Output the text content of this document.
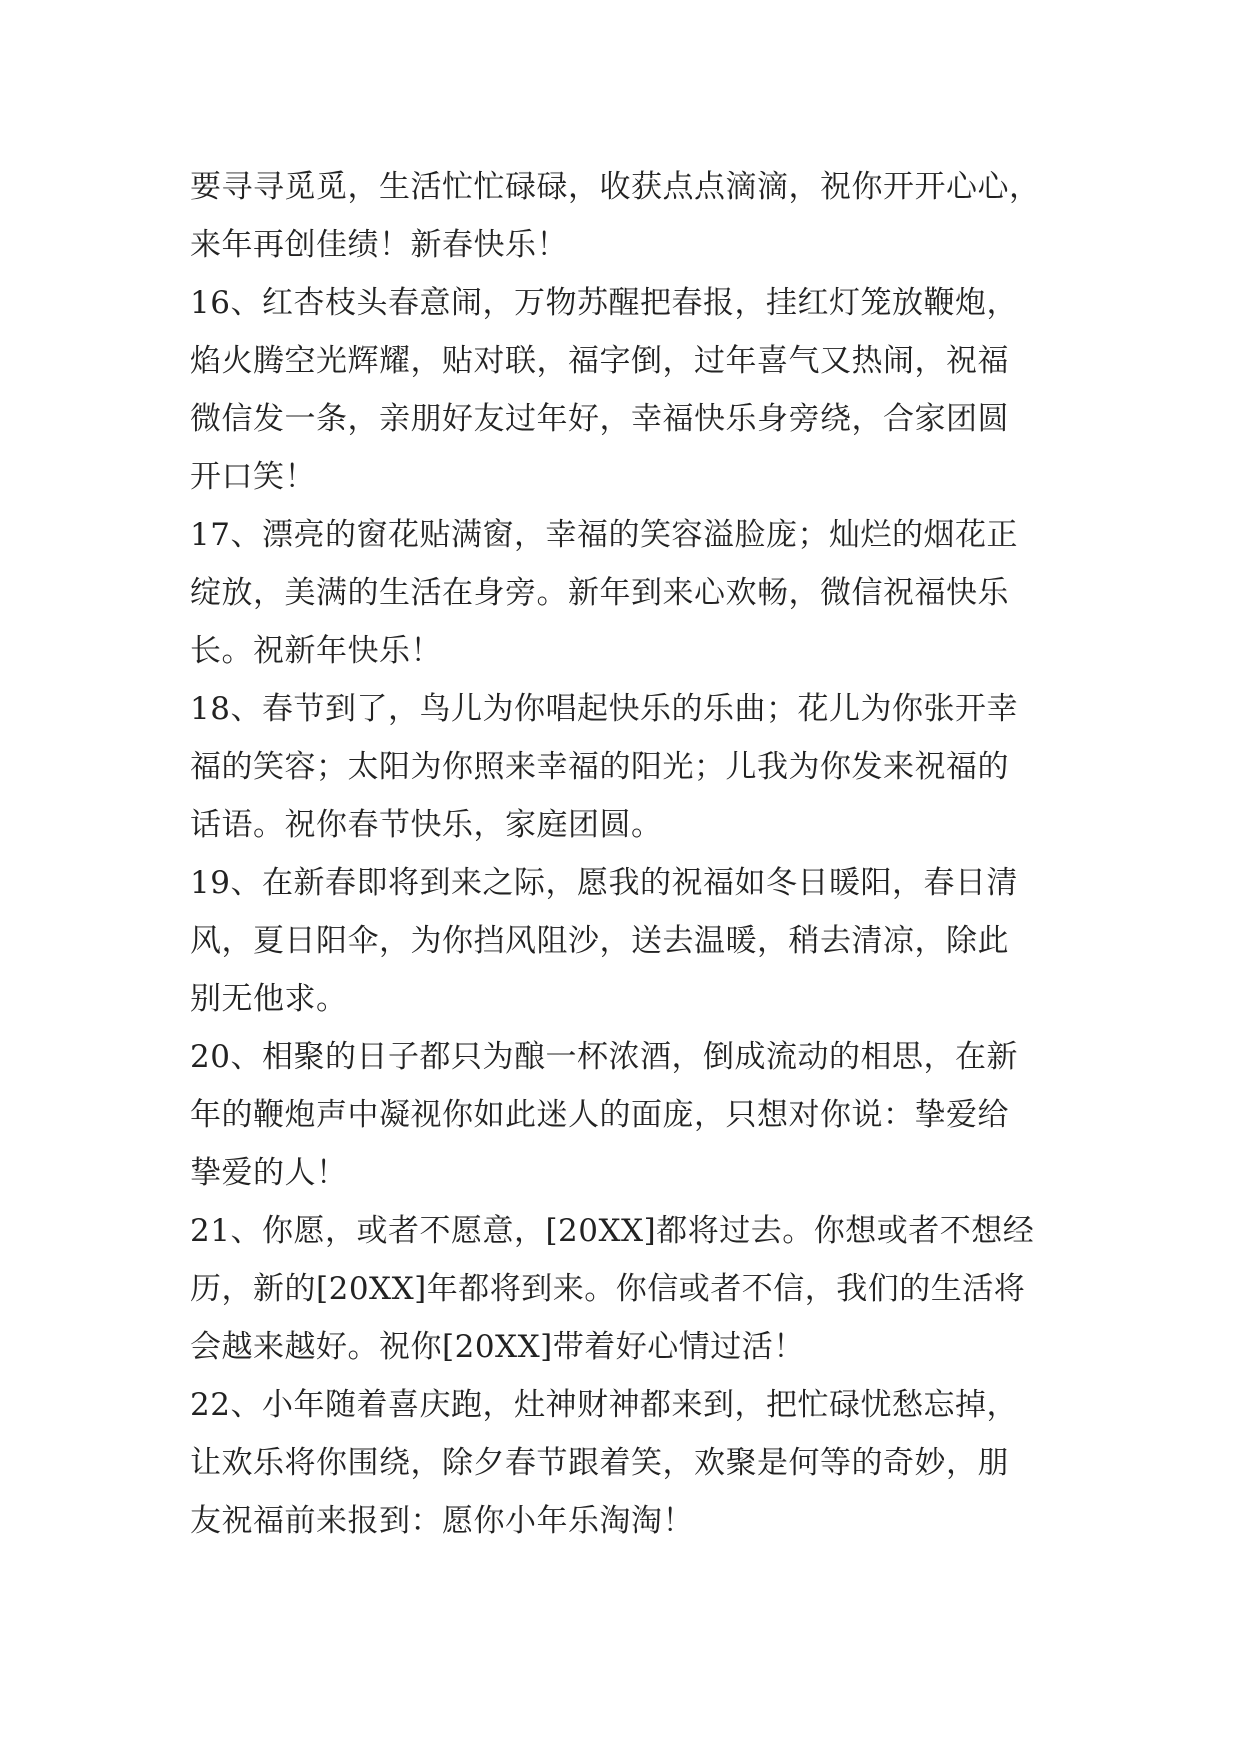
要寻寻觅觅，生活忙忙碌碌，收获点点滴滴，祝你开开心心，
来年再创佳绩！新春快乐！
16、红杏枝头春意闹，万物苏醒把春报，挂红灯笼放鞭炮，
焰火腾空光辉耀，贴对联，福字倒，过年喜气又热闹，祝福
微信发一条，亲朋好友过年好，幸福快乐身旁绕，合家团圆
开口笑！
17、漂亮的窗花贴满窗，幸福的笑容溢脸庞；灿烂的烟花正
绽放，美满的生活在身旁。新年到来心欢畅，微信祝福快乐
长。祝新年快乐！
18、春节到了，鸟儿为你唱起快乐的乐曲；花儿为你张开幸
福的笑容；太阳为你照来幸福的阳光；儿我为你发来祝福的
话语。祝你春节快乐，家庭团圆。
19、在新春即将到来之际，愿我的祝福如冬日暖阳，春日清
风，夏日阳伞，为你挡风阻沙，送去温暖，稍去清凉，除此
别无他求。
20、相聚的日子都只为酿一杯浓酒，倒成流动的相思，在新
年的鞭炮声中凝视你如此迷人的面庞，只想对你说：挚爱给
挚爱的人！
21、你愿，或者不愿意，[20XX]都将过去。你想或者不想经
历，新的[20XX]年都将到来。你信或者不信，我们的生活将
会越来越好。祝你[20XX]带着好心情过活！
22、小年随着喜庆跑，灶神财神都来到，把忙碌忧愁忘掉，
让欢乐将你围绕，除夕春节跟着笑，欢聚是何等的奇妙，朋
友祝福前来报到：愿你小年乐淘淘！
